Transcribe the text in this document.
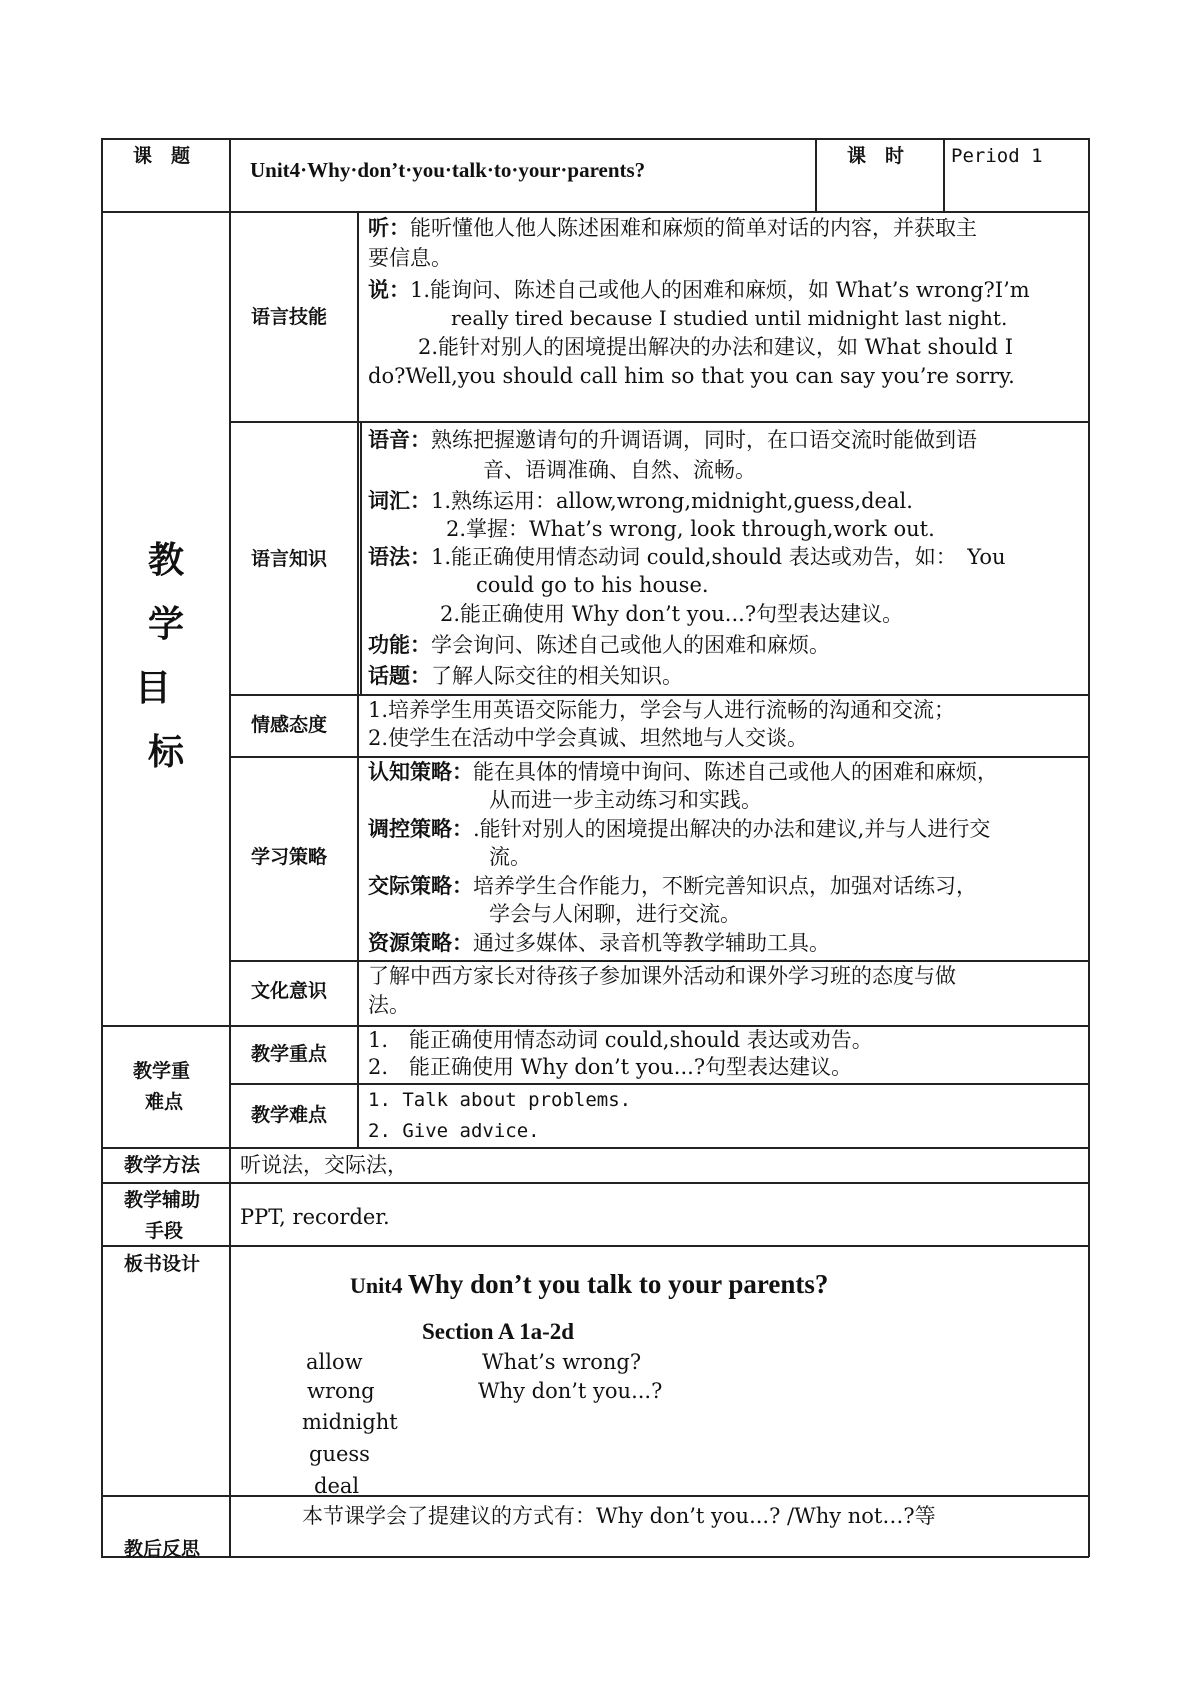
课　题
Unit4·Why·don’t·you·talk·to·your·parents?
课　时 Period 1
教
学
目
标
语言技能
听：能听懂他人他人陈述困难和麻烦的简单对话的内容，并获取主
要信息。
说：1.能询问、陈述自己或他人的困难和麻烦，如 What’s wrong?I’m
really tired because I studied until midnight last night.
2.能针对别人的困境提出解决的办法和建议，如 What should I
do?Well,you should call him so that you can say you’re sorry.
语言知识
语音：熟练把握邀请句的升调语调，同时，在口语交流时能做到语
音、语调准确、自然、流畅。
词汇：1.熟练运用：allow,wrong,midnight,guess,deal.
2.掌握：What’s wrong, look through,work out.
语法：1.能正确使用情态动词 could,should 表达或劝告，如：　You
could go to his house.
2.能正确使用 Why don’t you...?句型表达建议。
功能：学会询问、陈述自己或他人的困难和麻烦。
话题：了解人际交往的相关知识。
情感态度
1.培养学生用英语交际能力，学会与人进行流畅的沟通和交流；
2.使学生在活动中学会真诚、坦然地与人交谈。
学习策略
认知策略：能在具体的情境中询问、陈述自己或他人的困难和麻烦，
从而进一步主动练习和实践。
调控策略：.能针对别人的困境提出解决的办法和建议,并与人进行交
流。
交际策略：培养学生合作能力，不断完善知识点，加强对话练习，
学会与人闲聊，进行交流。
资源策略：通过多媒体、录音机等教学辅助工具。
文化意识
了解中西方家长对待孩子参加课外活动和课外学习班的态度与做
法。
教学重
难点
教学重点
1.　能正确使用情态动词 could,should 表达或劝告。
2.　能正确使用 Why don’t you...?句型表达建议。
教学难点
1. Talk about problems.
2. Give advice.
教学方法 听说法，交际法，
教学辅助
手段
PPT, recorder.
板书设计
Unit4 Why don’t you talk to your parents?
Section A 1a-2d
allow
wrong
midnight
guess
deal
What’s wrong?
Why don’t you...?
教后反思
本节课学会了提建议的方式有：Why don’t you...? /Why not…?等
